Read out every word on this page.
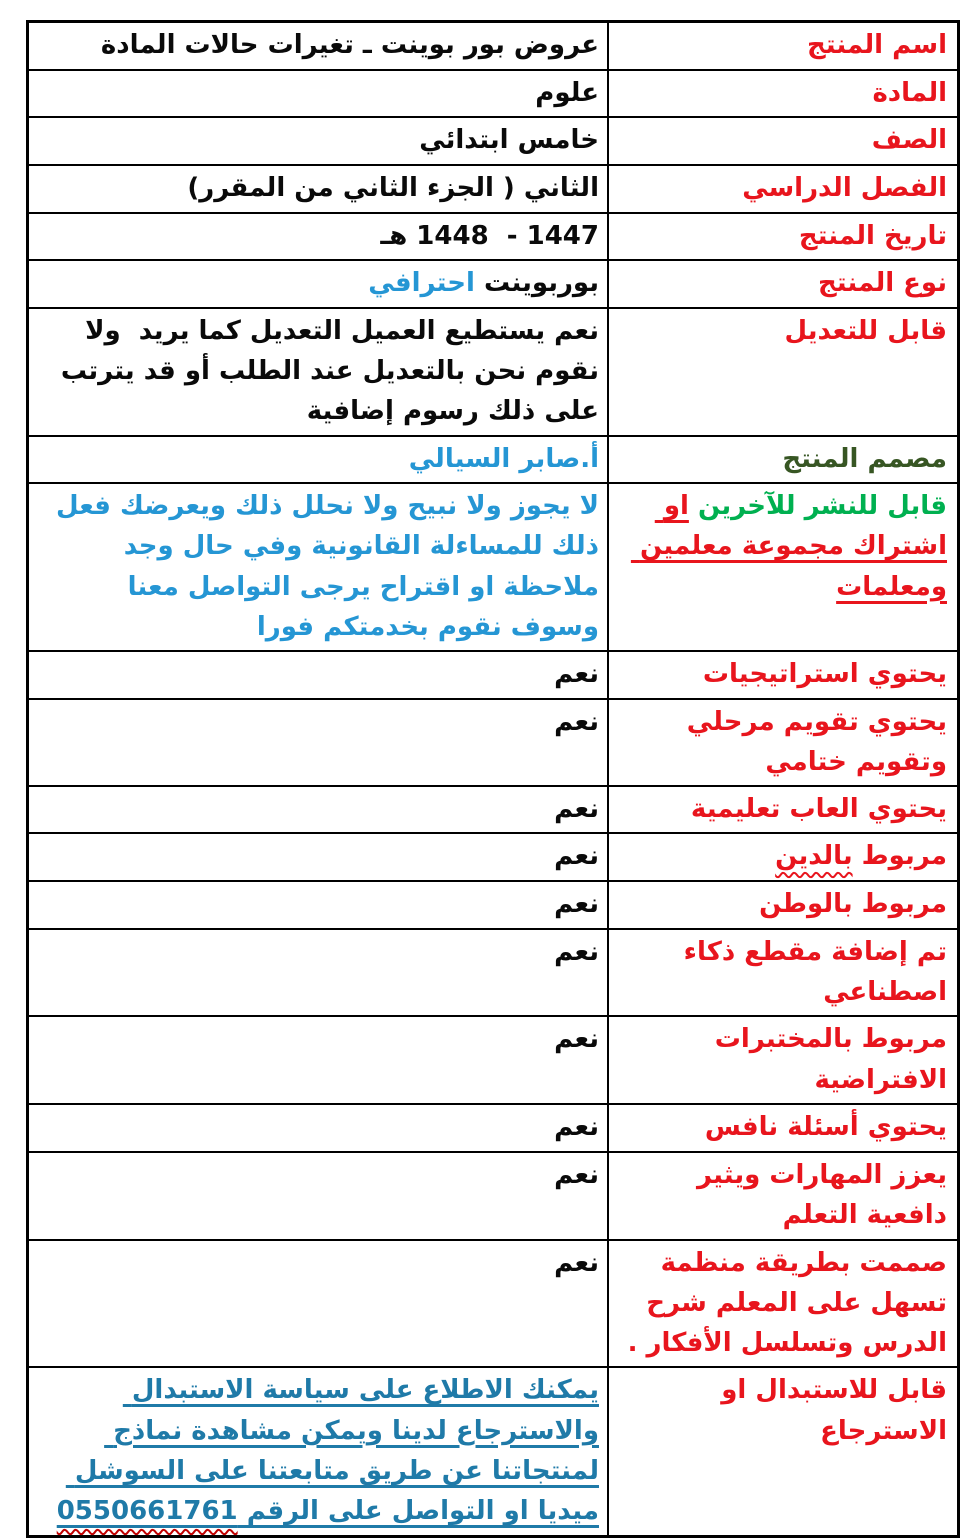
اسم المنتج
عروض بور بوينت ـ تغيرات حالات المادة
المادة
علوم
الصف
خامس ابتدائي
الفصل الدراسي
الثاني ( الجزء الثاني من المقرر)
تاريخ المنتج
1447 -  1448 هـ
نوع المنتج
بوربوينت احترافي
قابل للتعديل
نعم يستطيع العميل التعديل كما يريد  ولا نقوم نحن بالتعديل عند الطلب أو قد يترتب على ذلك رسوم إضافية
مصمم المنتج
أ.صابر السيالي
قابل للنشر للآخرين او اشتراك مجموعة معلمين ومعلمات
لا يجوز ولا نبيح ولا نحلل ذلك ويعرضك فعل ذلك للمساءلة القانونية وفي حال وجد ملاحظة او اقتراح يرجى التواصل معنا وسوف نقوم بخدمتكم فورا
يحتوي استراتيجيات
نعم
يحتوي تقويم مرحلي وتقويم ختامي
نعم
يحتوي العاب تعليمية
نعم
مربوط بالدين
نعم
مربوط بالوطن
نعم
تم إضافة مقطع ذكاء اصطناعي
نعم
مربوط بالمختبرات الافتراضية
نعم
يحتوي أسئلة نافس
نعم
يعزز المهارات ويثير دافعية التعلم
نعم
صممت بطريقة منظمة تسهل على المعلم شرح الدرس وتسلسل الأفكار .
نعم
قابل للاستبدال او الاسترجاع
يمكنك الاطلاع على سياسة الاستبدال والاسترجاع لدينا ويمكن مشاهدة نماذج لمنتجاتنا عن طريق متابعتنا على السوشل ميديا او التواصل على الرقم 0550661761
